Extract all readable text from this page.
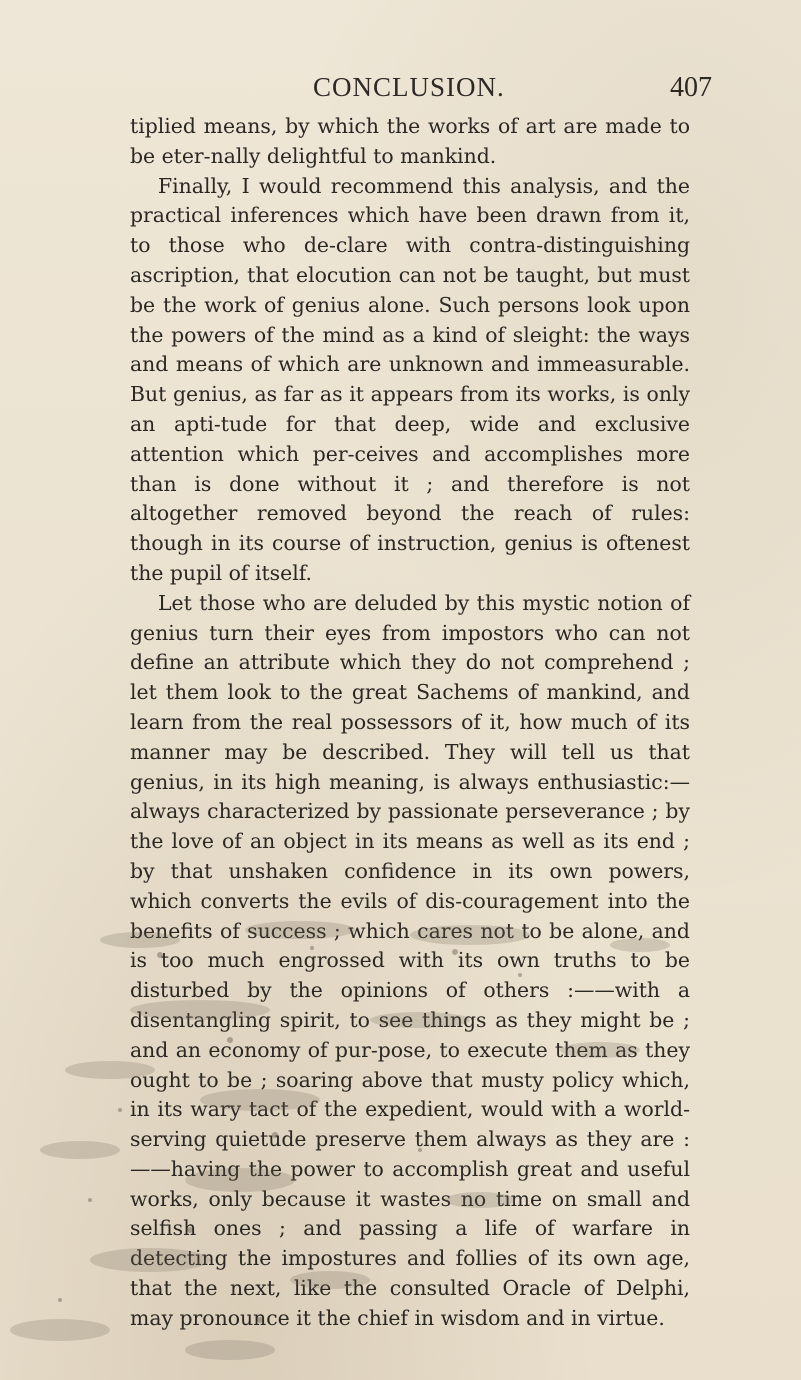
CONCLUSION.	407

tiplied means, by which the works of art are made to be eter-nally delightful to mankind.

Finally, I would recommend this analysis, and the practical inferences which have been drawn from it, to those who de-clare with contra-distinguishing ascription, that elocution can not be taught, but must be the work of genius alone. Such persons look upon the powers of the mind as a kind of sleight: the ways and means of which are unknown and immeasurable. But genius, as far as it appears from its works, is only an apti-tude for that deep, wide and exclusive attention which per-ceives and accomplishes more than is done without it ; and therefore is not altogether removed beyond the reach of rules: though in its course of instruction, genius is oftenest the pupil of itself.

Let those who are deluded by this mystic notion of genius turn their eyes from impostors who can not define an attribute which they do not comprehend ; let them look to the great Sachems of mankind, and learn from the real possessors of it, how much of its manner may be described. They will tell us that genius, in its high meaning, is always enthusiastic:— always characterized by passionate perseverance ; by the love of an object in its means as well as its end ; by that unshaken confidence in its own powers, which converts the evils of dis-couragement into the benefits of success ; which cares not to be alone, and is too much engrossed with its own truths to be disturbed by the opinions of others :——with a disentangling spirit, to see things as they might be ; and an economy of pur-pose, to execute them as they ought to be ; soaring above that musty policy which, in its wary tact of the expedient, would with a world-serving quietude preserve them always as they are :——having the power to accomplish great and useful works, only because it wastes no time on small and selfish ones ; and passing a life of warfare in detecting the impostures and follies of its own age, that the next, like the consulted Oracle of Delphi, may pronounce it the chief in wisdom and in virtue.
